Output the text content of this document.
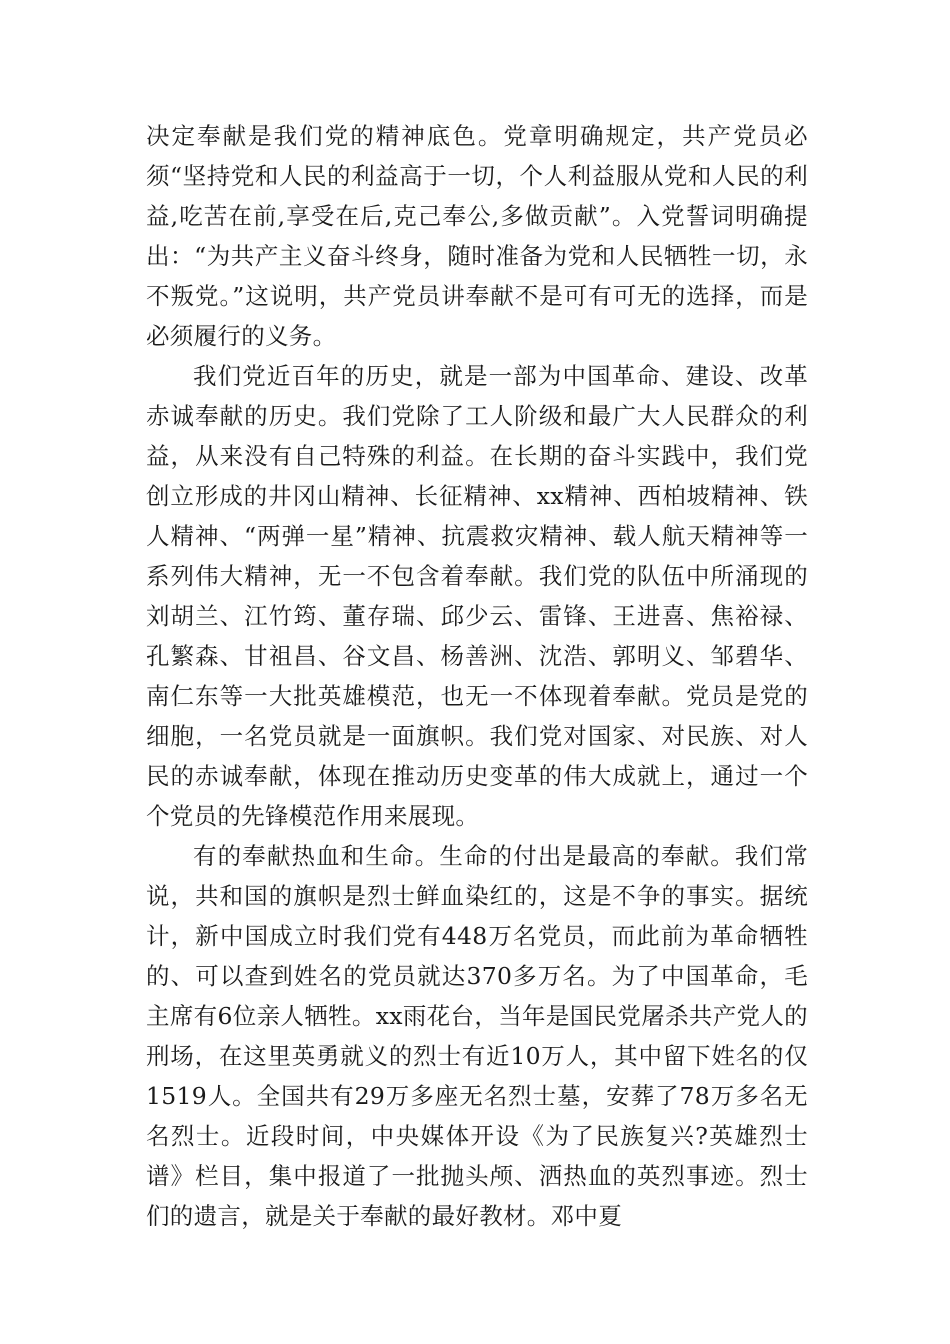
决定奉献是我们党的精神底色。党章明确规定，共产党员必须“坚持党和人民的利益高于一切，个人利益服从党和人民的利益,吃苦在前,享受在后,克己奉公,多做贡献”。入党誓词明确提出：“为共产主义奋斗终身，随时准备为党和人民牺牲一切，永不叛党。”这说明，共产党员讲奉献不是可有可无的选择，而是必须履行的义务。

我们党近百年的历史，就是一部为中国革命、建设、改革赤诚奉献的历史。我们党除了工人阶级和最广大人民群众的利益，从来没有自己特殊的利益。在长期的奋斗实践中，我们党创立形成的井冈山精神、长征精神、xx精神、西柏坡精神、铁人精神、“两弹一星”精神、抗震救灾精神、载人航天精神等一系列伟大精神，无一不包含着奉献。我们党的队伍中所涌现的刘胡兰、江竹筠、董存瑞、邱少云、雷锋、王进喜、焦裕禄、孔繁森、甘祖昌、谷文昌、杨善洲、沈浩、郭明义、邹碧华、南仁东等一大批英雄模范，也无一不体现着奉献。党员是党的细胞，一名党员就是一面旗帜。我们党对国家、对民族、对人民的赤诚奉献，体现在推动历史变革的伟大成就上，通过一个个党员的先锋模范作用来展现。

有的奉献热血和生命。生命的付出是最高的奉献。我们常说，共和国的旗帜是烈士鲜血染红的，这是不争的事实。据统计，新中国成立时我们党有448万名党员，而此前为革命牺牲的、可以查到姓名的党员就达370多万名。为了中国革命，毛主席有6位亲人牺牲。xx雨花台，当年是国民党屠杀共产党人的刑场，在这里英勇就义的烈士有近10万人，其中留下姓名的仅1519人。全国共有29万多座无名烈士墓，安葬了78万多名无名烈士。近段时间，中央媒体开设《为了民族复兴?英雄烈士谱》栏目，集中报道了一批抛头颅、洒热血的英烈事迹。烈士们的遗言，就是关于奉献的最好教材。邓中夏
